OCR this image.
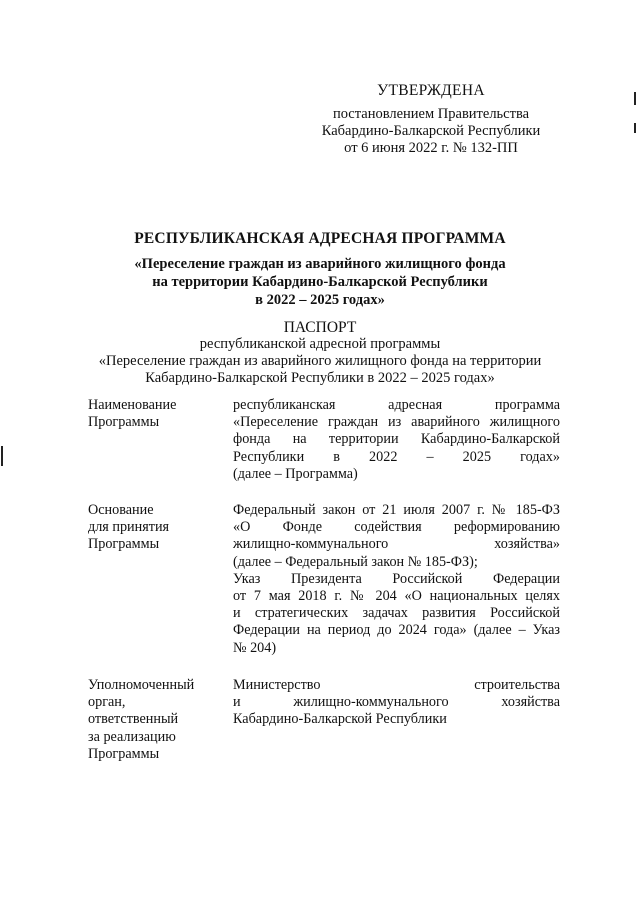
УТВЕРЖДЕНА
постановлением Правительства
Кабардино-Балкарской Республики
от 6 июня 2022 г. № 132-ПП
РЕСПУБЛИКАНСКАЯ АДРЕСНАЯ ПРОГРАММА
«Переселение граждан из аварийного жилищного фонда
на территории Кабардино-Балкарской Республики
в 2022 – 2025 годах»
ПАСПОРТ
республиканской адресной программы
«Переселение граждан из аварийного жилищного фонда на территории
Кабардино-Балкарской Республики в 2022 – 2025 годах»
Наименование
Программы
республиканская адресная программа
«Переселение граждан из аварийного жилищного
фонда на территории Кабардино-Балкарской
Республики в 2022 – 2025 годах»
(далее – Программа)
Основание
для принятия
Программы
Федеральный закон от 21 июля 2007 г. № 185-ФЗ
«О Фонде содействия реформированию
жилищно-коммунального хозяйства»
(далее – Федеральный закон № 185-ФЗ);
Указ Президента Российской Федерации
от 7 мая 2018 г. № 204 «О национальных целях
и стратегических задачах развития Российской
Федерации на период до 2024 года» (далее – Указ
№ 204)
Уполномоченный
орган,
ответственный
за реализацию
Программы
Министерство строительства
и жилищно-коммунального хозяйства
Кабардино-Балкарской Республики
